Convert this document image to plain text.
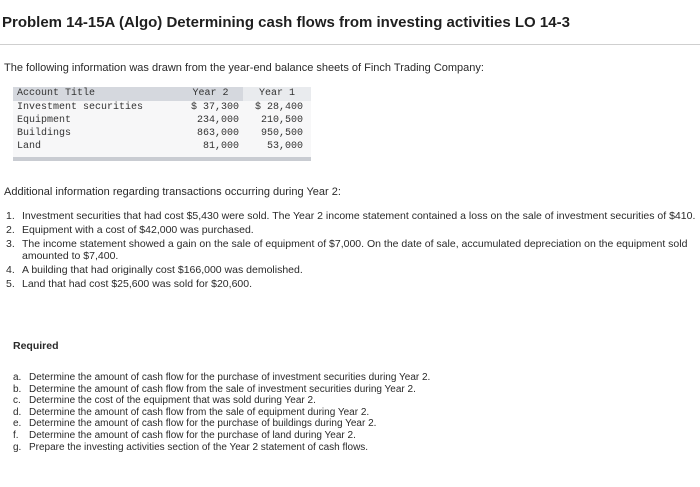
Problem 14-15A (Algo) Determining cash flows from investing activities LO 14-3
The following information was drawn from the year-end balance sheets of Finch Trading Company:
Account Title	Year 2	Year 1
Investment securities	$ 37,300	$ 28,400
Equipment	234,000	210,500
Buildings	863,000	950,500
Land	81,000	53,000
Additional information regarding transactions occurring during Year 2:
1. Investment securities that had cost $5,430 were sold. The Year 2 income statement contained a loss on the sale of investment securities of $410.
2. Equipment with a cost of $42,000 was purchased.
3. The income statement showed a gain on the sale of equipment of $7,000. On the date of sale, accumulated depreciation on the equipment sold amounted to $7,400.
4. A building that had originally cost $166,000 was demolished.
5. Land that had cost $25,600 was sold for $20,600.
Required
a. Determine the amount of cash flow for the purchase of investment securities during Year 2.
b. Determine the amount of cash flow from the sale of investment securities during Year 2.
c. Determine the cost of the equipment that was sold during Year 2.
d. Determine the amount of cash flow from the sale of equipment during Year 2.
e. Determine the amount of cash flow for the purchase of buildings during Year 2.
f.	Determine the amount of cash flow for the purchase of land during Year 2.
g. Prepare the investing activities section of the Year 2 statement of cash flows.
